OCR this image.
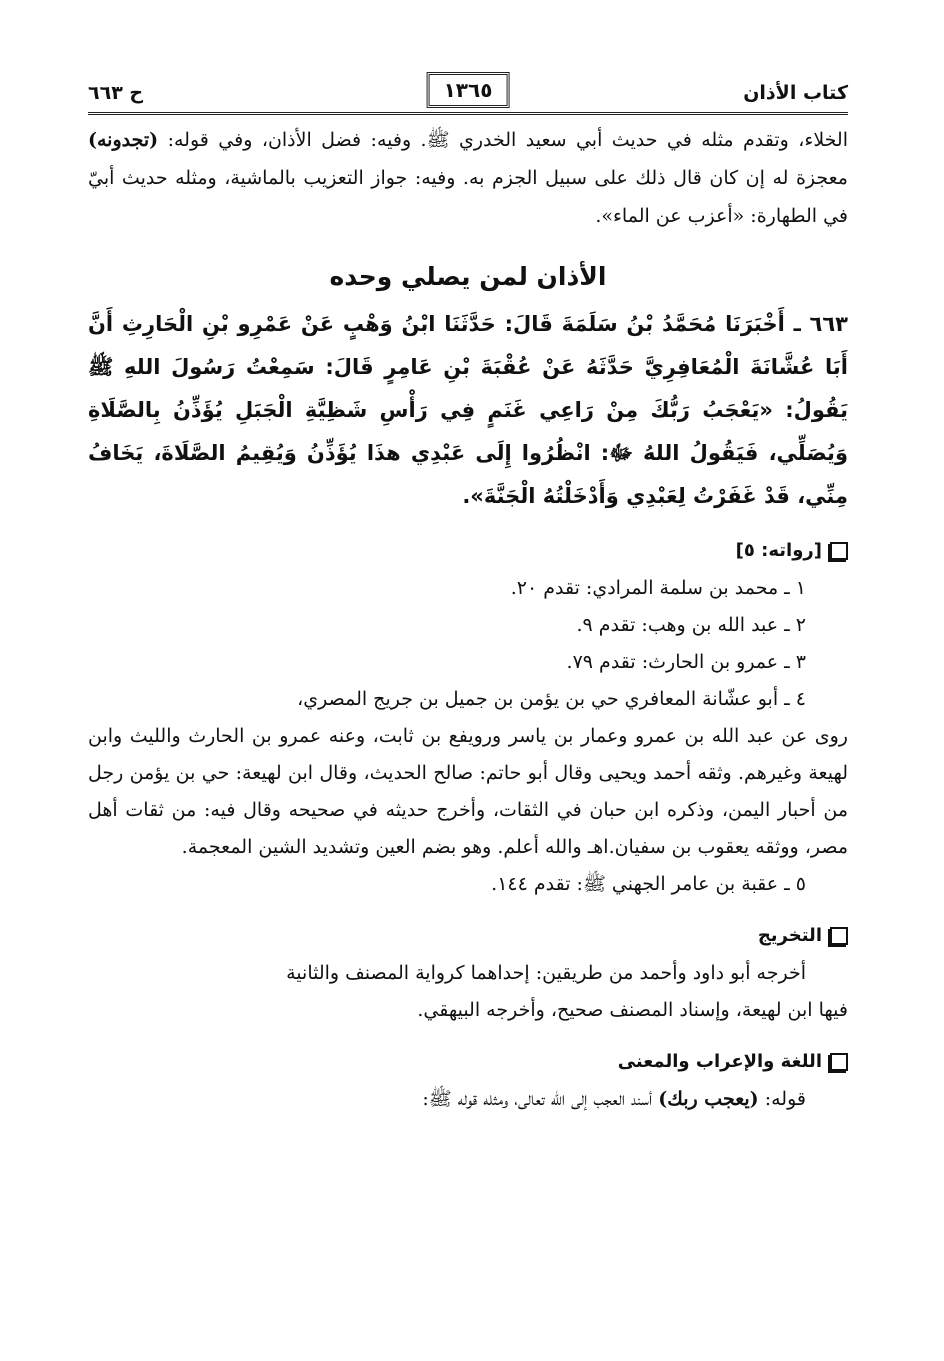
كتاب الأذان
١٣٦٥
ح ٦٦٣

الخلاء، وتقدم مثله في حديث أبي سعيد الخدري ﷺ. وفيه: فضل الأذان، وفي قوله: (تجدونه) معجزة له إن كان قال ذلك على سبيل الجزم به. وفيه: جواز التعزيب بالماشية، ومثله حديث أبيّ في الطهارة: «أعزب عن الماء».

الأذان لمن يصلي وحده

٦٦٣ ـ أَخْبَرَنَا مُحَمَّدُ بْنُ سَلَمَةَ قَالَ: حَدَّثَنَا ابْنُ وَهْبٍ عَنْ عَمْرِو بْنِ الْحَارِثِ أَنَّ أَبَا عُشَّانَةَ الْمُعَافِرِيَّ حَدَّثَهُ عَنْ عُقْبَةَ بْنِ عَامِرٍ قَالَ: سَمِعْتُ رَسُولَ اللهِ ﷺ يَقُولُ: «يَعْجَبُ رَبُّكَ مِنْ رَاعِي غَنَمٍ فِي رَأْسِ شَظِيَّةِ الْجَبَلِ يُؤَذِّنُ بِالصَّلَاةِ وَيُصَلِّي، فَيَقُولُ اللهُ ﷻ: انْظُرُوا إِلَى عَبْدِي هذَا يُؤَذِّنُ وَيُقِيمُ الصَّلَاةَ، يَخَافُ مِنِّي، قَدْ غَفَرْتُ لِعَبْدِي وَأَدْخَلْتُهُ الْجَنَّةَ».

[رواته: ٥]

١ ـ محمد بن سلمة المرادي: تقدم ٢٠.

٢ ـ عبد الله بن وهب: تقدم ٩.

٣ ـ عمرو بن الحارث: تقدم ٧٩.

٤ ـ أبو عشّانة المعافري حي بن يؤمن بن جميل بن جريج المصري،
روى عن عبد الله بن عمرو وعمار بن ياسر ورويفع بن ثابت، وعنه عمرو بن الحارث والليث وابن لهيعة وغيرهم. وثقه أحمد ويحيى وقال أبو حاتم: صالح الحديث، وقال ابن لهيعة: حي بن يؤمن رجل من أحبار اليمن، وذكره ابن حبان في الثقات، وأخرج حديثه في صحيحه وقال فيه: من ثقات أهل مصر، ووثقه يعقوب بن سفيان.اهـ والله أعلم. وهو بضم العين وتشديد الشين المعجمة.

٥ ـ عقبة بن عامر الجهني ﷺ: تقدم ١٤٤.

التخريج

أخرجه أبو داود وأحمد من طريقين: إحداهما كرواية المصنف والثانية
فيها ابن لهيعة، وإسناد المصنف صحيح، وأخرجه البيهقي.

اللغة والإعراب والمعنى

قوله: (يعجب ربك) أسند العجب إلى الله تعالى، ومثله قوله ﷺ:
